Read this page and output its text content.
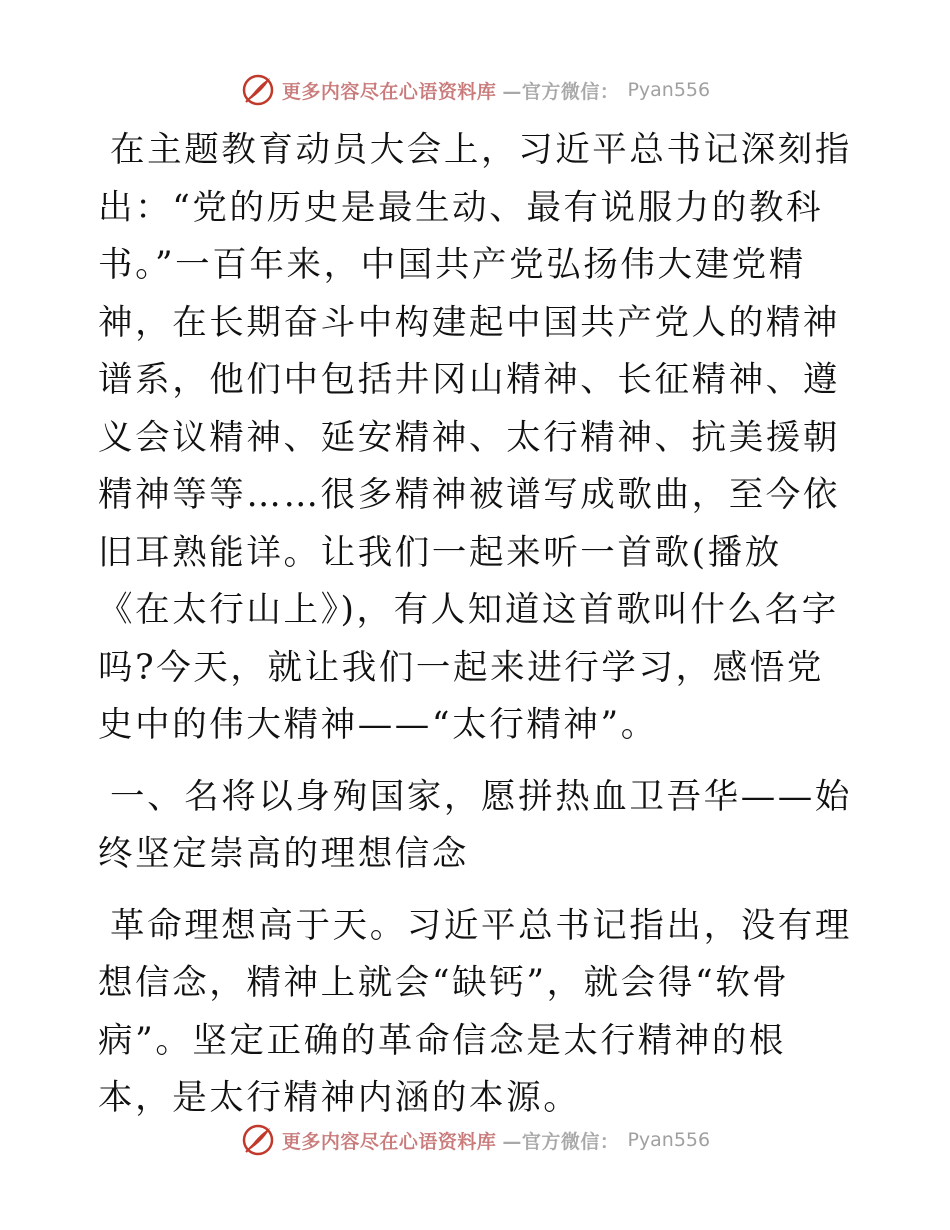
更多内容尽在心语资料库 —官方微信： Pyan556

在主题教育动员大会上，习近平总书记深刻指出：“党的历史是最生动、最有说服力的教科书。”一百年来，中国共产党弘扬伟大建党精神，在长期奋斗中构建起中国共产党人的精神谱系，他们中包括井冈山精神、长征精神、遵义会议精神、延安精神、太行精神、抗美援朝精神等等……很多精神被谱写成歌曲，至今依旧耳熟能详。让我们一起来听一首歌(播放《在太行山上》)，有人知道这首歌叫什么名字吗?今天，就让我们一起来进行学习，感悟党史中的伟大精神——“太行精神”。

一、名将以身殉国家，愿拼热血卫吾华——始终坚定崇高的理想信念

革命理想高于天。习近平总书记指出，没有理想信念，精神上就会“缺钙”，就会得“软骨病”。坚定正确的革命信念是太行精神的根本，是太行精神内涵的本源。

更多内容尽在心语资料库 —官方微信： Pyan556
